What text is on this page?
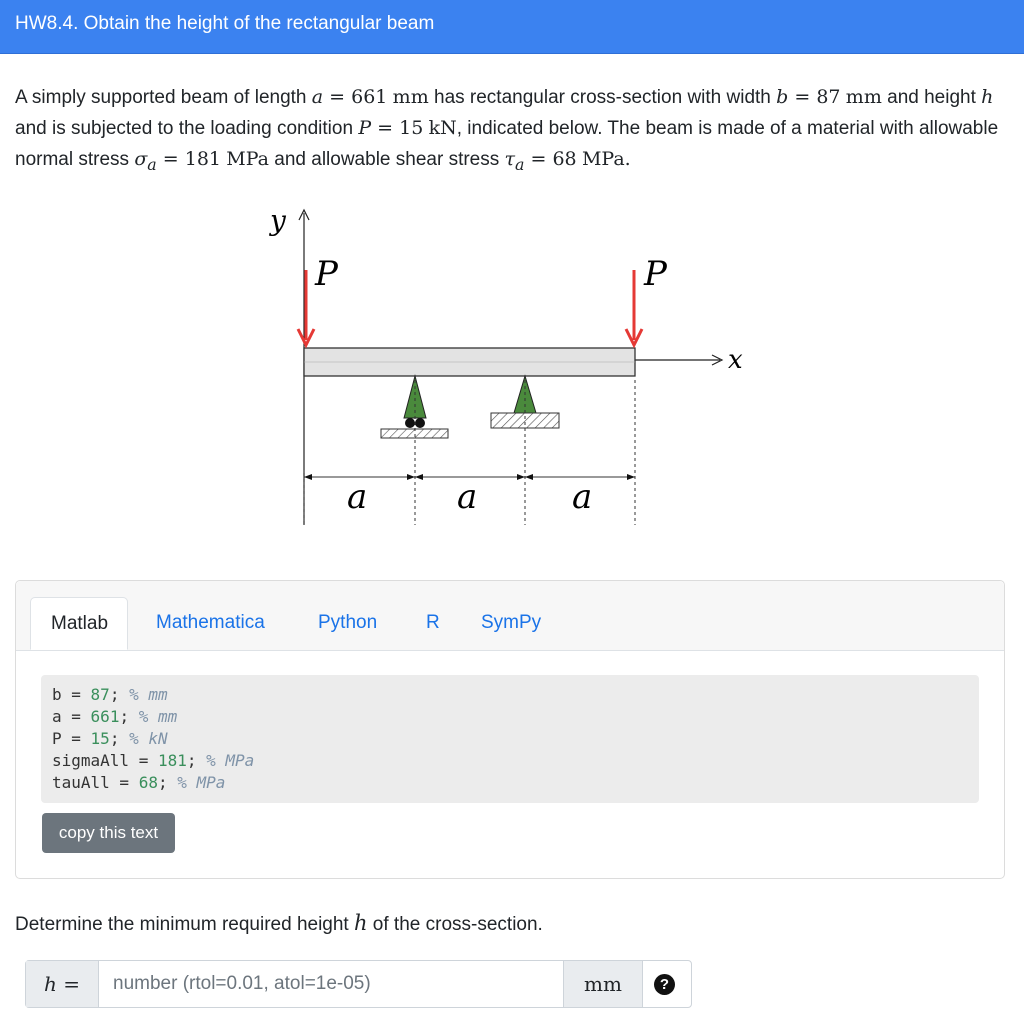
HW8.4. Obtain the height of the rectangular beam
A simply supported beam of length a = 661 mm has rectangular cross-section with width b = 87 mm and height h and is subjected to the loading condition P = 15 kN, indicated below. The beam is made of a material with allowable normal stress $\sigma_a = 181$ MPa and allowable shear stress $\tau_a = 68$ MPa.
y
x
P	P
a	a	a
Matlab	Mathematica	Python	R SymPy
b = 87; % mm
a = 661; % mm
P = 15; % kN
sigmaAll = 181; % MPa
tauAll = 68; % MPa
copy this text
Determine the minimum required height h of the cross-section.
h =
number (rtol=0.01, atol=1e-05)	mm	?
